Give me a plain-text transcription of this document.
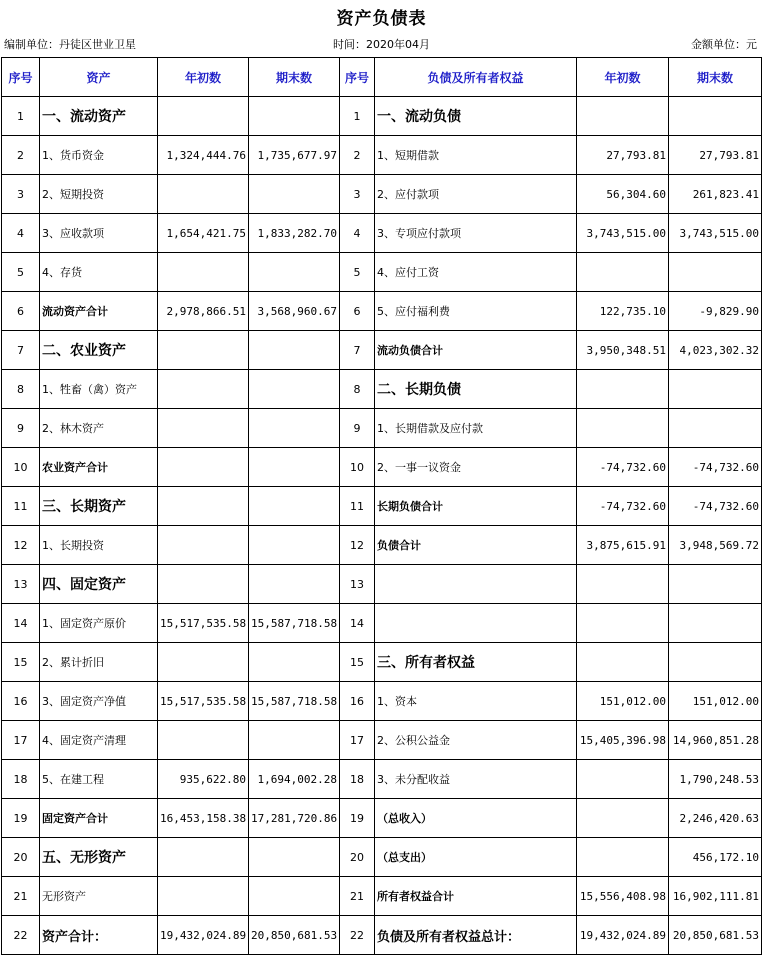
资产负债表
编制单位：丹徒区世业卫星	时间：2020年04月	金额单位：元
序号	资产	年初数	期末数	序号	负债及所有者权益	年初数	期末数
1	一、流动资产			1	一、流动负债		
2	1、货币资金	1,324,444.76	1,735,677.97	2	1、短期借款	27,793.81	27,793.81
3	2、短期投资			3	2、应付款项	56,304.60	261,823.41
4	3、应收款项	1,654,421.75	1,833,282.70	4	3、专项应付款项	3,743,515.00	3,743,515.00
5	4、存货			5	4、应付工资		
6	流动资产合计	2,978,866.51	3,568,960.67	6	5、应付福利费	122,735.10	-9,829.90
7	二、农业资产			7	流动负债合计	3,950,348.51	4,023,302.32
8	1、牲畜（禽）资产			8	二、长期负债		
9	2、林木资产			9	1、长期借款及应付款		
10	农业资产合计			10	2、一事一议资金	-74,732.60	-74,732.60
11	三、长期资产			11	长期负债合计	-74,732.60	-74,732.60
12	1、长期投资			12	负债合计	3,875,615.91	3,948,569.72
13	四、固定资产			13			
14	1、固定资产原价	15,517,535.58	15,587,718.58	14			
15	2、累计折旧			15	三、所有者权益		
16	3、固定资产净值	15,517,535.58	15,587,718.58	16	1、资本	151,012.00	151,012.00
17	4、固定资产清理			17	2、公积公益金	15,405,396.98	14,960,851.28
18	5、在建工程	935,622.80	1,694,002.28	18	3、未分配收益		1,790,248.53
19	固定资产合计	16,453,158.38	17,281,720.86	19	（总收入）		2,246,420.63
20	五、无形资产			20	（总支出）		456,172.10
21	无形资产			21	所有者权益合计	15,556,408.98	16,902,111.81
22	资产合计：	19,432,024.89	20,850,681.53	22	负债及所有者权益总计：	19,432,024.89	20,850,681.53
